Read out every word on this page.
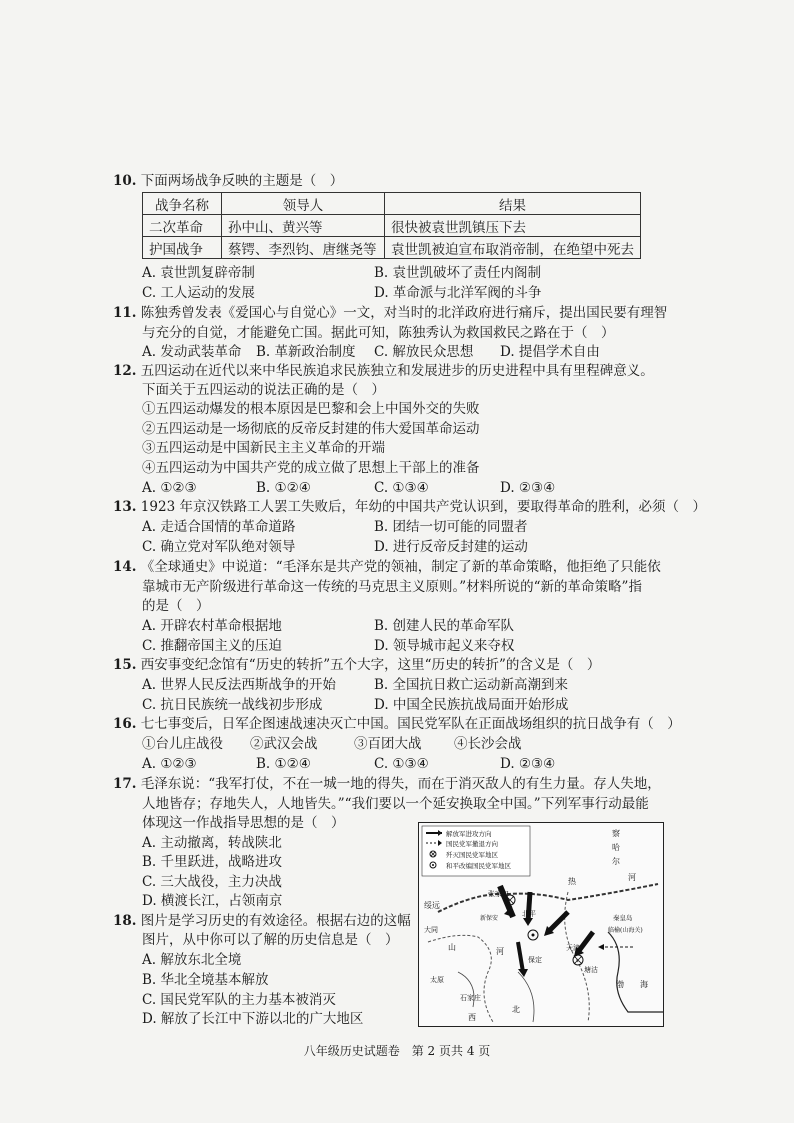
10. 下面两场战争反映的主题是（　）
战争名称	领导人	结果
二次革命	孙中山、黄兴等	很快被袁世凯镇压下去
护国战争	蔡锷、李烈钧、唐继尧等	袁世凯被迫宣布取消帝制，在绝望中死去
A. 袁世凯复辟帝制	B. 袁世凯破坏了责任内阁制
C. 工人运动的发展	D. 革命派与北洋军阀的斗争
11. 陈独秀曾发表《爱国心与自觉心》一文，对当时的北洋政府进行痛斥，提出国民要有理智
与充分的自觉，才能避免亡国。据此可知，陈独秀认为救国救民之路在于（　）
A. 发动武装革命 B. 革新政治制度 C. 解放民众思想 D. 提倡学术自由
12. 五四运动在近代以来中华民族追求民族独立和发展进步的历史进程中具有里程碑意义。
下面关于五四运动的说法正确的是（　）
①五四运动爆发的根本原因是巴黎和会上中国外交的失败
②五四运动是一场彻底的反帝反封建的伟大爱国革命运动
③五四运动是中国新民主主义革命的开端
④五四运动为中国共产党的成立做了思想上干部上的准备
A. ①②③	B. ①②④	C. ①③④	D. ②③④
13. 1923 年京汉铁路工人罢工失败后，年幼的中国共产党认识到，要取得革命的胜利，必须（　）
A. 走适合国情的革命道路	B. 团结一切可能的同盟者
C. 确立党对军队绝对领导	D. 进行反帝反封建的运动
14. 《全球通史》中说道：“毛泽东是共产党的领袖，制定了新的革命策略，他拒绝了只能依
靠城市无产阶级进行革命这一传统的马克思主义原则。”材料所说的“新的革命策略”指
的是（　）
A. 开辟农村革命根据地	B. 创建人民的革命军队
C. 推翻帝国主义的压迫	D. 领导城市起义来夺权
15. 西安事变纪念馆有“历史的转折”五个大字，这里“历史的转折”的含义是（　）
A. 世界人民反法西斯战争的开始	B. 全国抗日救亡运动新高潮到来
C. 抗日民族统一战线初步形成	D. 中国全民族抗战局面开始形成
16. 七七事变后，日军企图速战速决灭亡中国。国民党军队在正面战场组织的抗日战争有（　）
①台儿庄战役 ②武汉会战	③百团大战 ④长沙会战
A. ①②③	B. ①②④	C. ①③④	D. ②③④
17. 毛泽东说：“我军打仗，不在一城一地的得失，而在于消灭敌人的有生力量。存人失地，
人地皆存；存地失人，人地皆失。”“我们要以一个延安换取全中国。”下列军事行动最能
体现这一作战指导思想的是（　）
A. 主动撤离，转战陕北
B. 千里跃进，战略进攻
C. 三大战役，主力决战
D. 横渡长江，占领南京
18. 图片是学习历史的有效途径。根据右边的这幅
图片，从中你可以了解的历史信息是（　）
A. 解放东北全境
B. 华北全境基本解放
C. 国民党军队的主力基本被消灭
D. 解放了长江中下游以北的广大地区
解放军进攻方向
国民党军撤退方向
歼灭国民党军地区
和平改编国民党军地区
察
哈
尔
热	河
绥远
张家口
北平
天津
山	河
大同
太原
保定
塘沽
渤 海
石家庄
秦皇岛
临榆(山海关)
新保安
西
北
八年级历史试题卷　第 2 页共 4 页
